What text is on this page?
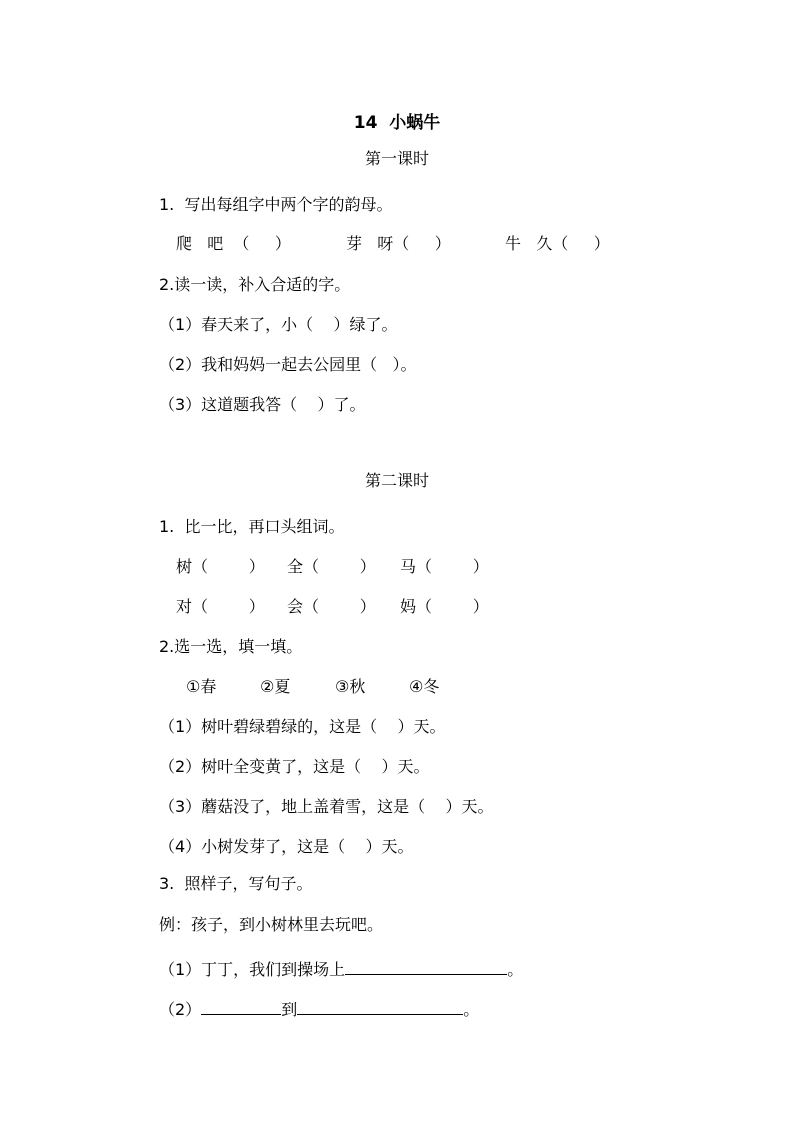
14  小蜗牛
第一课时
1.  写出每组字中两个字的韵母。
爬   吧  （     ）	芽   呀（     ）	牛   久（     ）
2.读一读，补入合适的字。
（1）春天来了，小（    ）绿了。
（2）我和妈妈一起去公园里（   ）。
（3）这道题我答（    ）了。
第二课时
1.  比一比，再口头组词。
树（        ） 全（        ） 马（        ）
对（        ） 会（        ） 妈（        ）
2.选一选，填一填。
①春	②夏	③秋	④冬
（1）树叶碧绿碧绿的，这是（    ）天。
（2）树叶全变黄了，这是（    ）天。
（3）蘑菇没了，地上盖着雪，这是（    ）天。
（4）小树发芽了，这是（    ）天。
3.  照样子，写句子。
例：孩子，到小树林里去玩吧。
（1）丁丁，我们到操场上	。
（2）	到	。
